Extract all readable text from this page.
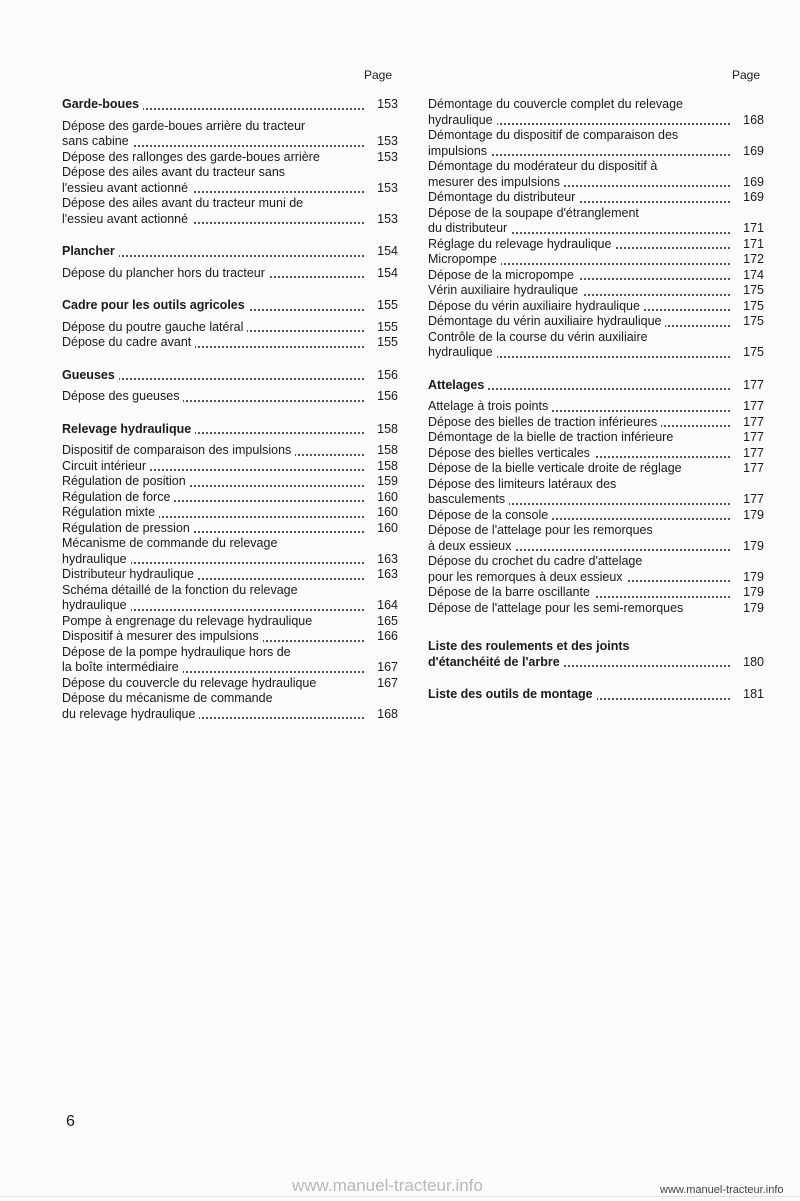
Page
Garde-boues	153
Dépose des garde-boues arrière du tracteur
sans cabine	153
Dépose des rallonges des garde-boues arrière	153
Dépose des ailes avant du tracteur sans
l'essieu avant actionné	153
Dépose des ailes avant du tracteur muni de
l'essieu avant actionné	153
Plancher	154
Dépose du plancher hors du tracteur	154
Cadre pour les outils agricoles	155
Dépose du poutre gauche latéral	155
Dépose du cadre avant	155
Gueuses	156
Dépose des gueuses	156
Relevage hydraulique	158
Dispositif de comparaison des impulsions	158
Circuit intérieur	158
Régulation de position	159
Régulation de force	160
Régulation mixte	160
Régulation de pression	160
Mécanisme de commande du relevage
hydraulique	163
Distributeur hydraulique	163
Schéma détaillé de la fonction du relevage
hydraulique	164
Pompe à engrenage du relevage hydraulique	165
Dispositif à mesurer des impulsions	166
Dépose de la pompe hydraulique hors de
la boîte intermédiaire	167
Dépose du couvercle du relevage hydraulique	167
Dépose du mécanisme de commande
du relevage hydraulique	168
Page
Démontage du couvercle complet du relevage
hydraulique	168
Démontage du dispositif de comparaison des
impulsions	169
Démontage du modérateur du dispositif à
mesurer des impulsions	169
Démontage du distributeur	169
Dépose de la soupape d'étranglement
du distributeur	171
Réglage du relevage hydraulique	171
Micropompe	172
Dépose de la micropompe	174
Vérin auxiliaire hydraulique	175
Dépose du vérin auxiliaire hydraulique	175
Démontage du vérin auxiliaire hydraulique	175
Contrôle de la course du vérin auxiliaire
hydraulique	175
Attelages	177
Attelage à trois points	177
Dépose des bielles de traction inférieures	177
Démontage de la bielle de traction inférieure	177
Dépose des bielles verticales	177
Dépose de la bielle verticale droite de réglage	177
Dépose des limiteurs latéraux des
basculements	177
Dépose de la console	179
Dépose de l'attelage pour les remorques
à deux essieux	179
Dépose du crochet du cadre d'attelage
pour les remorques à deux essieux	179
Dépose de la barre oscillante	179
Dépose de l'attelage pour les semi-remorques	179
Liste des roulements et des joints
d'étanchéité de l'arbre	180
Liste des outils de montage	181
6
www.manuel-tracteur.info	www.manuel-tracteur.info
